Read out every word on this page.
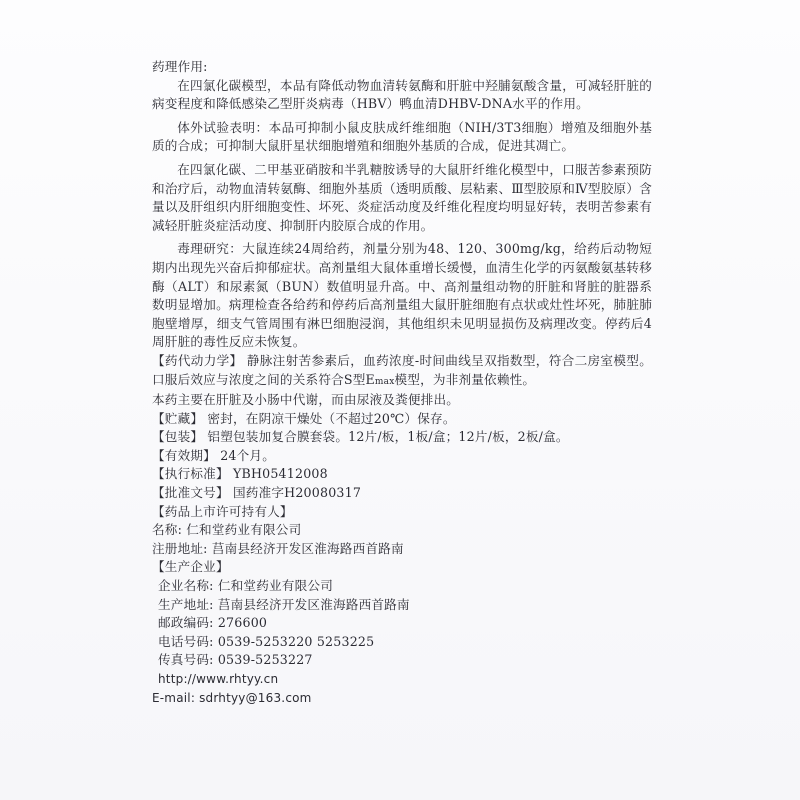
药理作用:

在四氯化碳模型，本品有降低动物血清转氨酶和肝脏中羟脯氨酸含量，可减轻肝脏的病变程度和降低感染乙型肝炎病毒（HBV）鸭血清DHBV-DNA水平的作用。

体外试验表明：本品可抑制小鼠皮肤成纤维细胞（NIH/3T3细胞）增殖及细胞外基质的合成；可抑制大鼠肝星状细胞增殖和细胞外基质的合成，促进其凋亡。

在四氯化碳、二甲基亚硝胺和半乳糖胺诱导的大鼠肝纤维化模型中，口服苦参素预防和治疗后，动物血清转氨酶、细胞外基质（透明质酸、层粘素、Ⅲ型胶原和Ⅳ型胶原）含量以及肝组织内肝细胞变性、坏死、炎症活动度及纤维化程度均明显好转，表明苦参素有减轻肝脏炎症活动度、抑制肝内胶原合成的作用。

毒理研究：大鼠连续24周给药，剂量分别为48、120、300mg/kg，给药后动物短期内出现先兴奋后抑郁症状。高剂量组大鼠体重增长缓慢，血清生化学的丙氨酸氨基转移酶（ALT）和尿素氮（BUN）数值明显升高。中、高剂量组动物的肝脏和肾脏的脏器系数明显增加。病理检查各给药和停药后高剂量组大鼠肝脏细胞有点状或灶性坏死，肺脏肺胞壁增厚，细支气管周围有淋巴细胞浸润，其他组织未见明显损伤及病理改变。停药后4周肝脏的毒性反应未恢复。

【药代动力学】 静脉注射苦参素后，血药浓度-时间曲线呈双指数型，符合二房室模型。口服后效应与浓度之间的关系符合S型Emax模型，为非剂量依赖性。

本药主要在肝脏及小肠中代谢，而由尿液及粪便排出。

【贮藏】 密封，在阴凉干燥处（不超过20℃）保存。

【包装】 铝塑包装加复合膜套袋。12片/板，1板/盒；12片/板，2板/盒。

【有效期】 24个月。

【执行标准】 YBH05412008

【批准文号】 国药准字H20080317

【药品上市许可持有人】

名称: 仁和堂药业有限公司

注册地址: 莒南县经济开发区淮海路西首路南

【生产企业】

企业名称: 仁和堂药业有限公司

生产地址: 莒南县经济开发区淮海路西首路南

邮政编码: 276600

电话号码: 0539-5253220 5253225

传真号码: 0539-5253227

http://www.rhtyy.cn

E-mail: sdrhtyy@163.com
